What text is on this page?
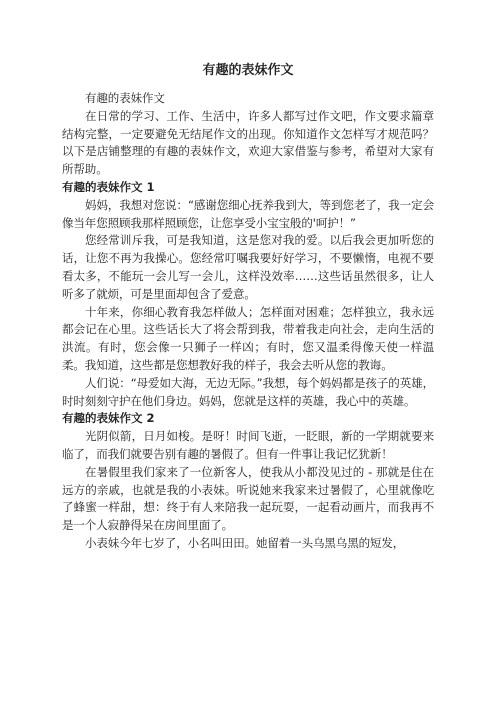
有趣的表妹作文

有趣的表妹作文

在日常的学习、工作、生活中，许多人都写过作文吧，作文要求篇章结构完整，一定要避免无结尾作文的出现。你知道作文怎样写才规范吗？以下是店铺整理的有趣的表妹作文，欢迎大家借鉴与参考，希望对大家有所帮助。

有趣的表妹作文 1

妈妈，我想对您说：“感谢您细心抚养我到大，等到您老了，我一定会像当年您照顾我那样照顾您，让您享受小宝宝般的'呵护！”

您经常训斥我，可是我知道，这是您对我的爱。以后我会更加听您的话，让您不再为我操心。您经常叮嘱我要好好学习，不要懒惰，电视不要看太多，不能玩一会儿写一会儿，这样没效率……这些话虽然很多，让人听多了就烦，可是里面却包含了爱意。

十年来，你细心教育我怎样做人；怎样面对困难；怎样独立，我永远都会记在心里。这些话长大了将会帮到我，带着我走向社会，走向生活的洪流。有时，您会像一只狮子一样凶；有时，您又温柔得像天使一样温柔。我知道，这些都是您想教好我的样子，我会去听从您的教诲。

人们说：“母爱如大海，无边无际。”我想，每个妈妈都是孩子的英雄，时时刻刻守护在他们身边。妈妈，您就是这样的英雄，我心中的英雄。

有趣的表妹作文 2

光阴似箭，日月如梭。是呀！时间飞逝，一眨眼，新的一学期就要来临了，而我们就要告别有趣的暑假了。但有一件事让我记忆犹新！

在暑假里我们家来了一位新客人，使我从小都没见过的 - 那就是住在远方的亲戚，也就是我的小表妹。听说她来我家来过暑假了，心里就像吃了蜂蜜一样甜，想：终于有人来陪我一起玩耍，一起看动画片，而我再不是一个人寂静得呆在房间里面了。

小表妹今年七岁了，小名叫田田。她留着一头乌黑乌黑的短发，
